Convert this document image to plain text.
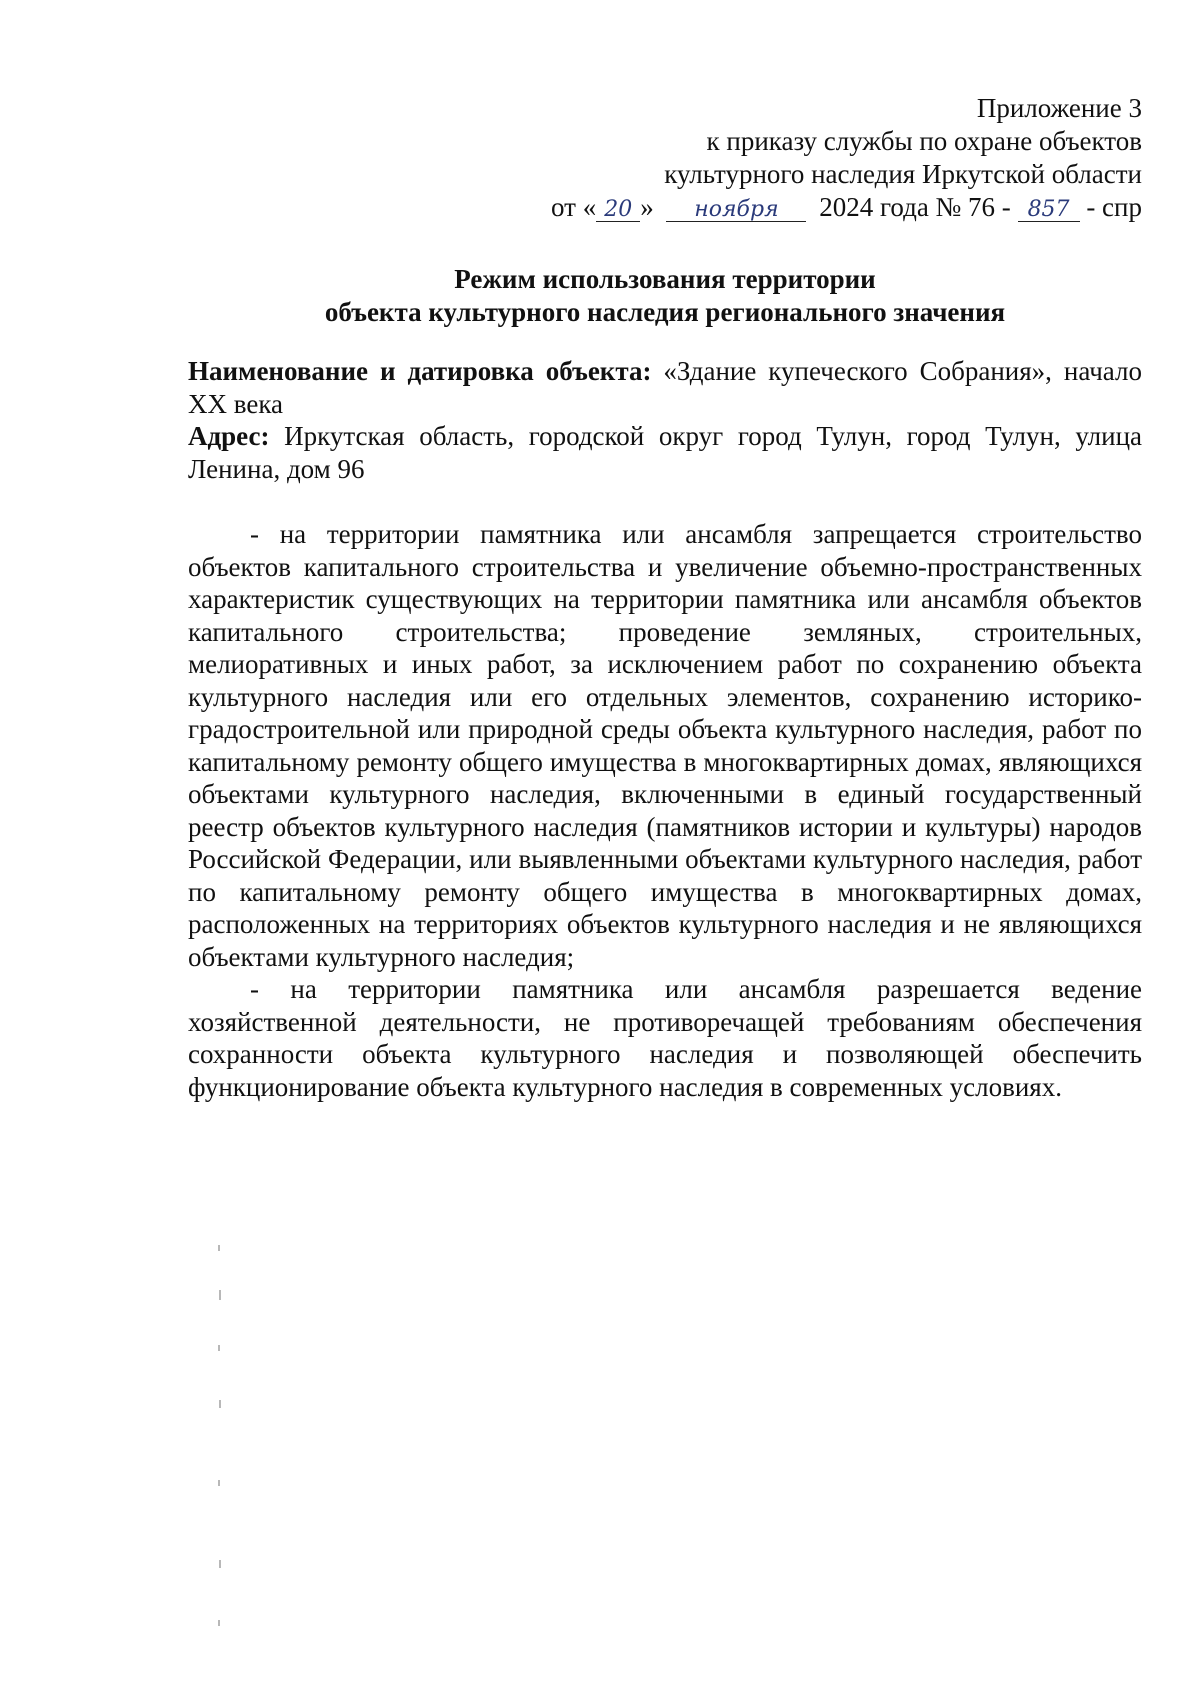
Приложение 3
к приказу службы по охране объектов
культурного наследия Иркутской области
от « 20 » ноября 2024 года № 76 - 857 - спр
Режим использования территории
объекта культурного наследия регионального значения

Наименование и датировка объекта: «Здание купеческого Собрания», начало XX века

Адрес: Иркутская область, городской округ город Тулун, город Тулун, улица Ленина, дом 96

- на территории памятника или ансамбля запрещается строительство объектов капитального строительства и увеличение объемно-пространственных характеристик существующих на территории памятника или ансамбля объектов капитального строительства; проведение земляных, строительных, мелиоративных и иных работ, за исключением работ по сохранению объекта культурного наследия или его отдельных элементов, сохранению историко-градостроительной или природной среды объекта культурного наследия, работ по капитальному ремонту общего имущества в многоквартирных домах, являющихся объектами культурного наследия, включенными в единый государственный реестр объектов культурного наследия (памятников истории и культуры) народов Российской Федерации, или выявленными объектами культурного наследия, работ по капитальному ремонту общего имущества в многоквартирных домах, расположенных на территориях объектов культурного наследия и не являющихся объектами культурного наследия;

- на территории памятника или ансамбля разрешается ведение хозяйственной деятельности, не противоречащей требованиям обеспечения сохранности объекта культурного наследия и позволяющей обеспечить функционирование объекта культурного наследия в современных условиях.
